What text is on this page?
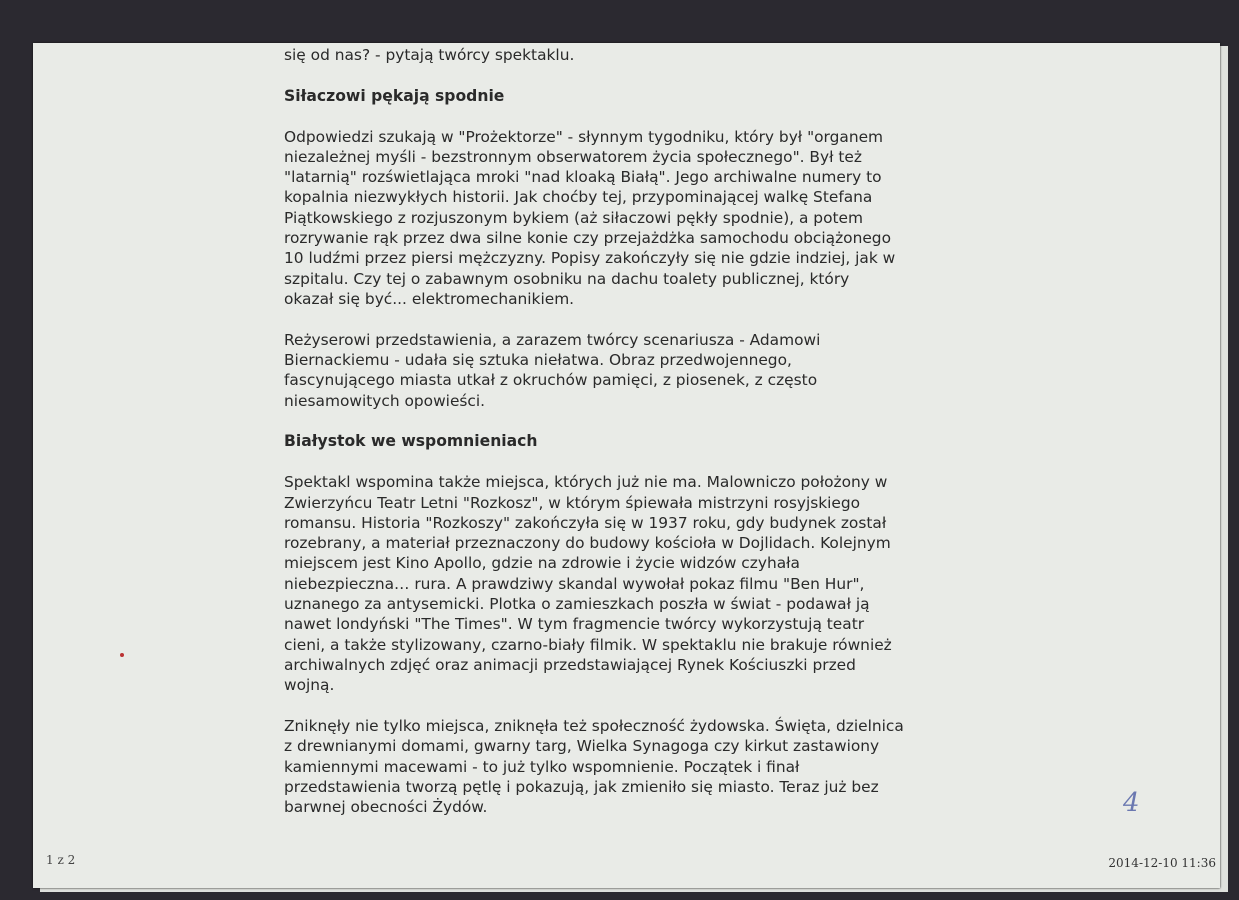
się od nas? - pytają twórcy spektaklu.
Siłaczowi pękają spodnie
Odpowiedzi szukają w "Prożektorze" - słynnym tygodniku, który był "organem
niezależnej myśli - bezstronnym obserwatorem życia społecznego". Był też
"latarnią" rozświetlająca mroki "nad kloaką Białą". Jego archiwalne numery to
kopalnia niezwykłych historii. Jak choćby tej, przypominającej walkę Stefana
Piątkowskiego z rozjuszonym bykiem (aż siłaczowi pękły spodnie), a potem
rozrywanie rąk przez dwa silne konie czy przejażdżka samochodu obciążonego
10 ludźmi przez piersi mężczyzny. Popisy zakończyły się nie gdzie indziej, jak w
szpitalu. Czy tej o zabawnym osobniku na dachu toalety publicznej, który
okazał się być... elektromechanikiem.
Reżyserowi przedstawienia, a zarazem twórcy scenariusza - Adamowi
Biernackiemu - udała się sztuka niełatwa. Obraz przedwojennego,
fascynującego miasta utkał z okruchów pamięci, z piosenek, z często
niesamowitych opowieści.
Białystok we wspomnieniach
Spektakl wspomina także miejsca, których już nie ma. Malowniczo położony w
Zwierzyńcu Teatr Letni "Rozkosz", w którym śpiewała mistrzyni rosyjskiego
romansu. Historia "Rozkoszy" zakończyła się w 1937 roku, gdy budynek został
rozebrany, a materiał przeznaczony do budowy kościoła w Dojlidach. Kolejnym
miejscem jest Kino Apollo, gdzie na zdrowie i życie widzów czyhała
niebezpieczna… rura. A prawdziwy skandal wywołał pokaz filmu "Ben Hur",
uznanego za antysemicki. Plotka o zamieszkach poszła w świat - podawał ją
nawet londyński "The Times". W tym fragmencie twórcy wykorzystują teatr
cieni, a także stylizowany, czarno-biały filmik. W spektaklu nie brakuje również
archiwalnych zdjęć oraz animacji przedstawiającej Rynek Kościuszki przed
wojną.
Zniknęły nie tylko miejsca, zniknęła też społeczność żydowska. Święta, dzielnica
z drewnianymi domami, gwarny targ, Wielka Synagoga czy kirkut zastawiony
kamiennymi macewami - to już tylko wspomnienie. Początek i finał
przedstawienia tworzą pętlę i pokazują, jak zmieniło się miasto. Teraz już bez
barwnej obecności Żydów.
1 z 2	2014-12-10 11:36
4
